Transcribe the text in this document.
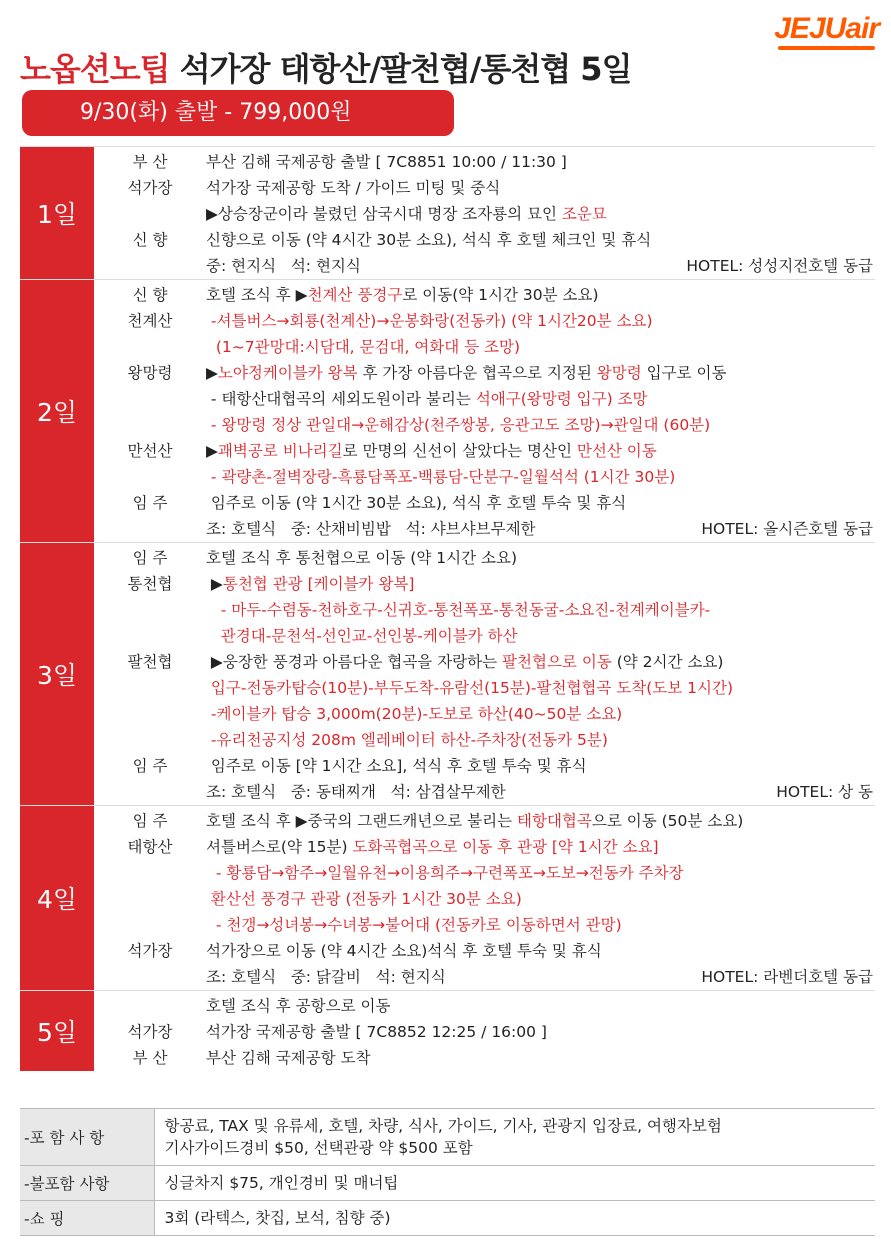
JEJUair
노옵션노팁 석가장 태항산/팔천협/통천협 5일
9/30(화) 출발 - 799,000원
1일
부 산	부산 김해 국제공항 출발 [ 7C8851 10:00 / 11:30 ]
석가장	석가장 국제공항 도착 / 가이드 미팅 및 중식
▶상승장군이라 불렸던 삼국시대 명장 조자룡의 묘인 조운묘
신 향	신향으로 이동 (약 4시간 30분 소요), 석식 후 호텔 체크인 및 휴식
중: 현지식   석: 현지식	HOTEL: 성성지전호텔 동급
2일
신 향	호텔 조식 후 ▶ 천계산 풍경구 로 이동(약 1시간 30분 소요)
천계산	-셔틀버스→회룡(천계산)→운봉화랑(전동카) (약 1시간20분 소요)
(1~7관망대:시담대, 문검대, 여화대 등 조망)
왕망령	▶ 노야정케이블카 왕복 후 가장 아름다운 협곡으로 지정된 왕망령 입구로 이동
- 태항산대협곡의 세외도원이라 불리는 석애구(왕망령 입구) 조망
- 왕망령 정상 관일대→운해감상(천주쌍봉, 응관고도 조망)→관일대 (60분)
만선산	▶ 괘벽공로 비나리길 로 만명의 신선이 살았다는 명산인 만선산 이동
- 곽량촌-절벽장랑-흑룡담폭포-백룡담-단분구-일월석석 (1시간 30분)
임 주	임주로 이동 (약 1시간 30분 소요), 석식 후 호텔 투숙 및 휴식
조: 호텔식   중: 산채비빔밥   석: 샤브샤브무제한	HOTEL: 올시즌호텔 동급
3일
임 주	호텔 조식 후 통천협으로 이동 (약 1시간 소요)
통천협	▶ 통천협 관광 [케이블카 왕복]
- 마두-수렴동-천하호구-신귀호-통천폭포-통천동굴-소요진-천계케이블카-
관경대-문천석-선인교-선인봉-케이블카 하산
팔천협	▶웅장한 풍경과 아름다운 협곡을 자랑하는 팔천협으로 이동 (약 2시간 소요)
입구-전동카탑승(10분)-부두도착-유람선(15분)-팔천협협곡 도착(도보 1시간)
-케이블카 탑승 3,000m(20분)-도보로 하산(40~50분 소요)
-유리천공지성 208m 엘레베이터 하산-주차장(전동카 5분)
임 주	임주로 이동 [약 1시간 소요], 석식 후 호텔 투숙 및 휴식
조: 호텔식   중: 동태찌개   석: 삼겹살무제한	HOTEL: 상 동
4일
임 주	호텔 조식 후 ▶중국의 그랜드캐년으로 불리는 태항대협곡 으로 이동 (50분 소요)
태항산	셔틀버스로(약 15분) 도화곡협곡으로 이동 후 관광 [약 1시간 소요]
- 황룡담→함주→일월유천→이용희주→구련폭포→도보→전동카 주차장
환산선 풍경구 관광 (전동카 1시간 30분 소요)
- 천갱→성녀봉→수녀봉→불어대 (전동카로 이동하면서 관망)
석가장	석가장으로 이동 (약 4시간 소요)석식 후 호텔 투숙 및 휴식
조: 호텔식   중: 닭갈비   석: 현지식	HOTEL: 라벤더호텔 동급
5일
호텔 조식 후 공항으로 이동
석가장	석가장 국제공항 출발 [ 7C8852 12:25 / 16:00 ]
부 산	부산 김해 국제공항 도착
-포 함 사 항	항공료, TAX 및 유류세, 호텔, 차량, 식사, 가이드, 기사, 관광지 입장료, 여행자보험
기사가이드경비 $50, 선택관광 약 $500 포함

-불포함 사항	싱글차지 $75, 개인경비 및 매너팁

-쇼 핑	3회 (라텍스, 찻집, 보석, 침향 중)
